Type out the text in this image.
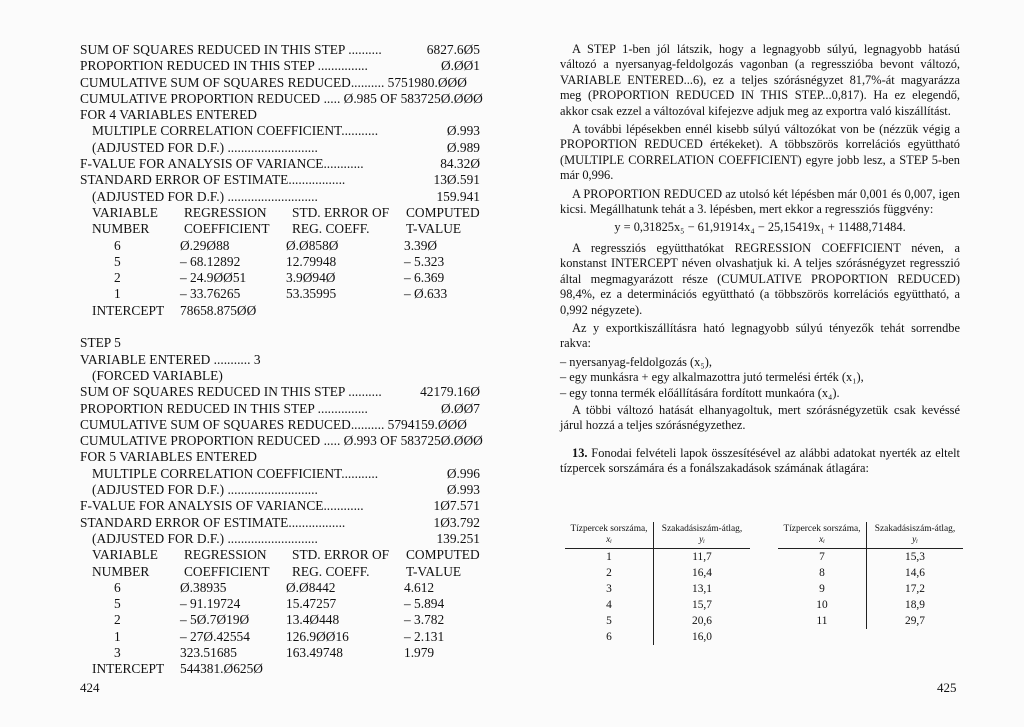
SUM OF SQUARES REDUCED IN THIS STEP ..........	6827.6Ø5
PROPORTION REDUCED IN THIS STEP ...............	Ø.ØØ1
CUMULATIVE SUM OF SQUARES REDUCED.......... 5751980.ØØØ
CUMULATIVE PROPORTION REDUCED ..... Ø.985 OF 583725Ø.ØØØ
FOR 4 VARIABLES ENTERED
MULTIPLE CORRELATION COEFFICIENT...........	Ø.993
(ADJUSTED FOR D.F.) ...........................	Ø.989
F-VALUE FOR ANALYSIS OF VARIANCE............	84.32Ø
STANDARD ERROR OF ESTIMATE.................	13Ø.591
(ADJUSTED FOR D.F.) ...........................	159.941
VARIABLE REGRESSION STD. ERROR OF COMPUTED
NUMBER	COEFFICIENT REG. COEFF.	T-VALUE
6	Ø.29Ø88	Ø.Ø858Ø	3.39Ø
5	– 68.12892	12.79948	– 5.323
2	– 24.9ØØ51	3.9Ø94Ø	– 6.369
1	– 33.76265	53.35995	– Ø.633
INTERCEPT 78658.875ØØ
STEP 5
VARIABLE ENTERED ........... 3
(FORCED VARIABLE)
SUM OF SQUARES REDUCED IN THIS STEP ..........	42179.16Ø
PROPORTION REDUCED IN THIS STEP ...............	Ø.ØØ7
CUMULATIVE SUM OF SQUARES REDUCED.......... 5794159.ØØØ
CUMULATIVE PROPORTION REDUCED ..... Ø.993 OF 583725Ø.ØØØ
FOR 5 VARIABLES ENTERED
MULTIPLE CORRELATION COEFFICIENT...........	Ø.996
(ADJUSTED FOR D.F.) ...........................	Ø.993
F-VALUE FOR ANALYSIS OF VARIANCE............	1Ø7.571
STANDARD ERROR OF ESTIMATE.................	1Ø3.792
(ADJUSTED FOR D.F.) ...........................	139.251
VARIABLE REGRESSION STD. ERROR OF COMPUTED
NUMBER	COEFFICIENT REG. COEFF.	T-VALUE
6	Ø.38935	Ø.Ø8442	4.612
5	– 91.19724	15.47257	– 5.894
2	– 5Ø.7Ø19Ø	13.4Ø448	– 3.782
1	– 27Ø.42554	126.9ØØ16	– 2.131
3	323.51685	163.49748	1.979
INTERCEPT 544381.Ø625Ø
424

A STEP 1-ben jól látszik, hogy a legnagyobb súlyú, legnagyobb hatású változó a nyersanyag-feldolgozás vagonban (a regresszióba bevont változó, VARIABLE ENTERED...6), ez a teljes szórásnégyzet 81,7%-át magyarázza meg (PROPORTION REDUCED IN THIS STEP...0,817). Ha ez elegendő, akkor csak ezzel a változóval kifejezve adjuk meg az exportra való kiszállítást.

A további lépésekben ennél kisebb súlyú változókat von be (nézzük végig a PROPORTION REDUCED értékeket). A többszörös korrelációs együttható (MULTIPLE CORRELATION COEFFICIENT) egyre jobb lesz, a STEP 5-ben már 0,996.

A PROPORTION REDUCED az utolsó két lépésben már 0,001 és 0,007, igen kicsi. Megállhatunk tehát a 3. lépésben, mert ekkor a regressziós függvény:

y = 0,31825x₅ − 61,91914x₄ − 25,15419x₁ + 11488,71484.

A regressziós együtthatókat REGRESSION COEFFICIENT néven, a konstanst INTERCEPT néven olvashatjuk ki. A teljes szórásnégyzet regresszió által megmagyarázott része (CUMULATIVE PROPORTION REDUCED) 98,4%, ez a determinációs együttható (a többszörös korrelációs együttható, a 0,992 négyzete).

Az y exportkiszállításra ható legnagyobb súlyú tényezők tehát sorrendbe rakva:

– nyersanyag-feldolgozás (x₅),
– egy munkásra + egy alkalmazottra jutó termelési érték (x₁),
– egy tonna termék előállítására fordított munkaóra (x₄).

A többi változó hatását elhanyagoltuk, mert szórásnégyzetük csak kevéssé járul hozzá a teljes szórásnégyzethez.

13. Fonodai felvételi lapok összesítésével az alábbi adatokat nyerték az eltelt tízpercek sorszámára és a fonálszakadások számának átlagára:

Tízpercek sorszáma,
xᵢ	Szakadásiszám-átlag,
yᵢ
1	11,7
2	16,4
3	13,1
4	15,7
5	20,6
6	16,0
Tízpercek sorszáma,
xᵢ	Szakadásiszám-átlag,
yᵢ
7	15,3
8	14,6
9	17,2
10	18,9
11	29,7
425
